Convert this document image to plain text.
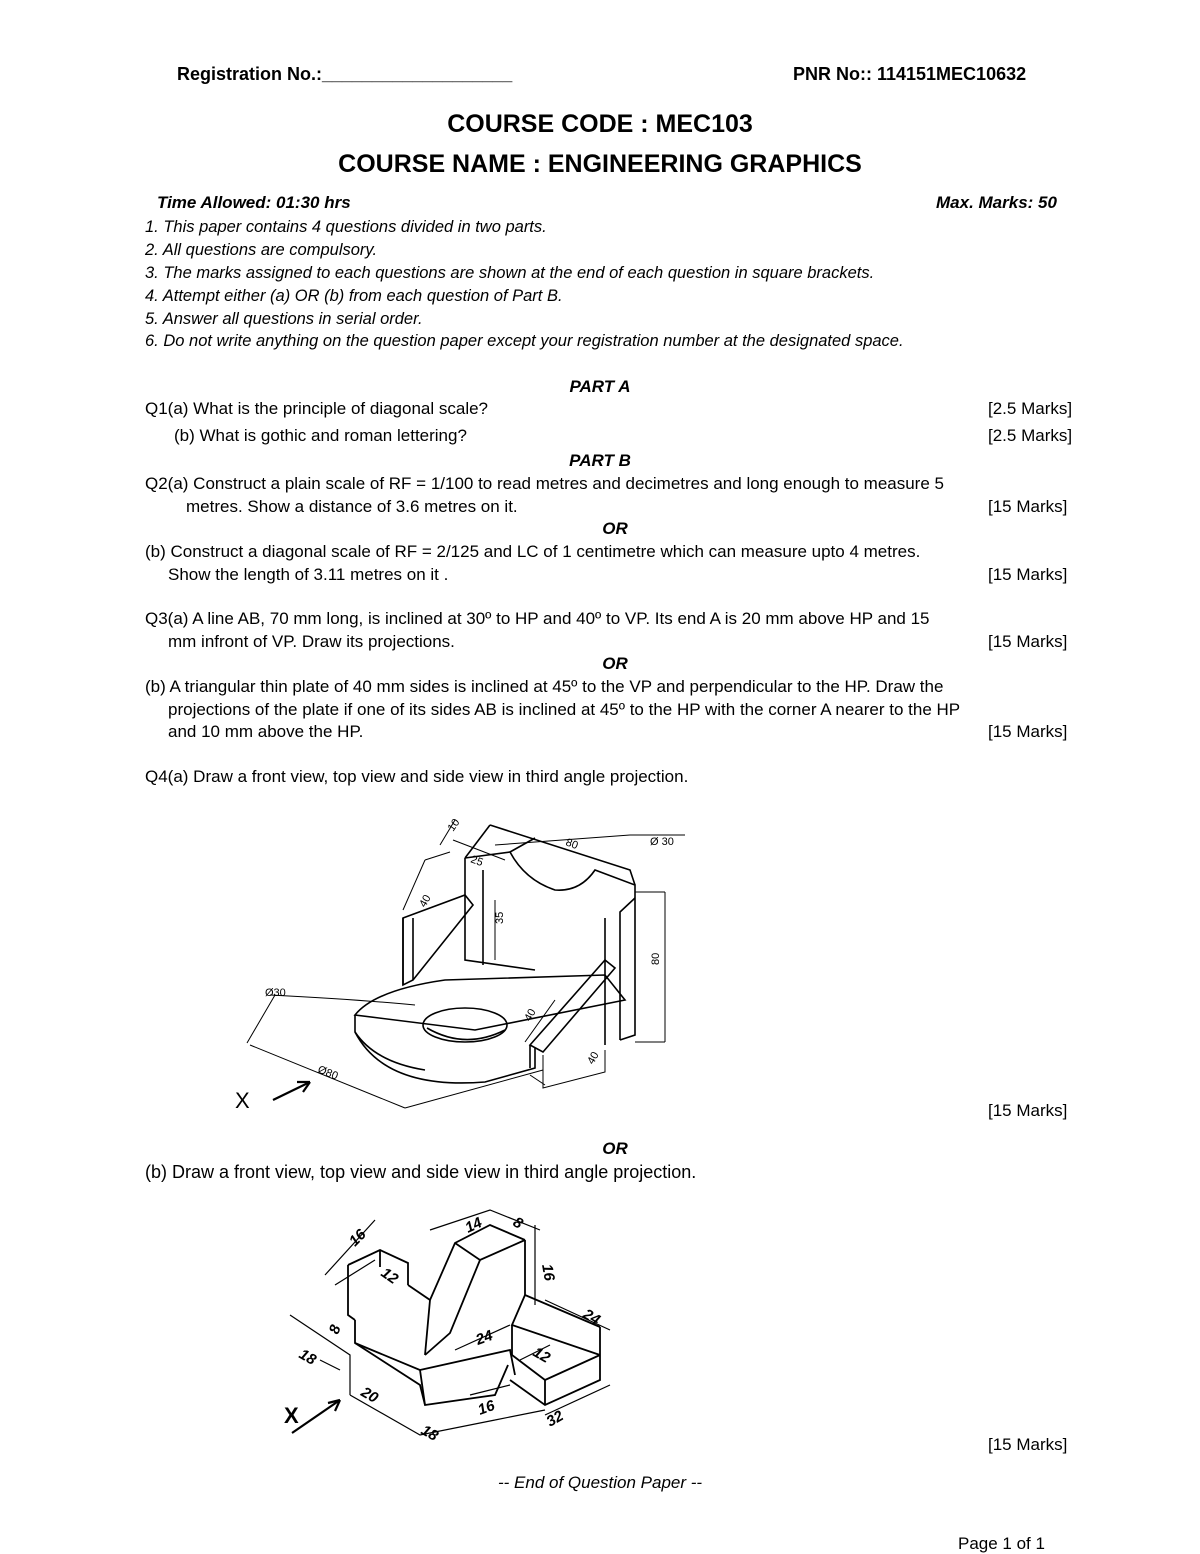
Registration No.:___________________	PNR No:: 114151MEC10632
COURSE CODE : MEC103
COURSE NAME : ENGINEERING GRAPHICS
Time Allowed: 01:30 hrs	Max. Marks: 50
1. This paper contains 4 questions divided in two parts.
2. All questions are compulsory.
3. The marks assigned to each questions are shown at the end of each question in square brackets.
4. Attempt either (a) OR (b) from each question of Part B.
5. Answer all questions in serial order.
6. Do not write anything on the question paper except your registration number at the designated space.
PART A
Q1(a) What is the principle of diagonal scale?	[2.5 Marks]
(b) What is gothic and roman lettering?	[2.5 Marks]
PART B
Q2(a) Construct a plain scale of RF = 1/100 to read metres and decimetres and long enough to measure 5
metres. Show a distance of 3.6 metres on it.	[15 Marks]
OR
(b) Construct a diagonal scale of RF = 2/125 and LC of 1 centimetre which can measure upto 4 metres.
Show the length of 3.11 metres on it .	[15 Marks]
Q3(a) A line AB, 70 mm long, is inclined at 30º to HP and 40º to VP. Its end A is 20 mm above HP and 15
mm infront of VP. Draw its projections.	[15 Marks]
OR
(b) A triangular thin plate of 40 mm sides is inclined at 45º to the VP and perpendicular to the HP. Draw the
projections of the plate if one of its sides AB is inclined at 45º to the HP with the corner A nearer to the HP
and 10 mm above the HP.	[15 Marks]
Q4(a) Draw a front view, top view and side view in third angle projection.
10
80	Ø 30
25
40
35
80
Ø30
40
40
Ø80
X	[15 Marks]
OR
(b) Draw a front view, top view and side view in third angle projection.
16
14 8
12	16
24
8	24
12
18
20
16	32
18
X
[15 Marks]
-- End of Question Paper --
Page 1 of 1
